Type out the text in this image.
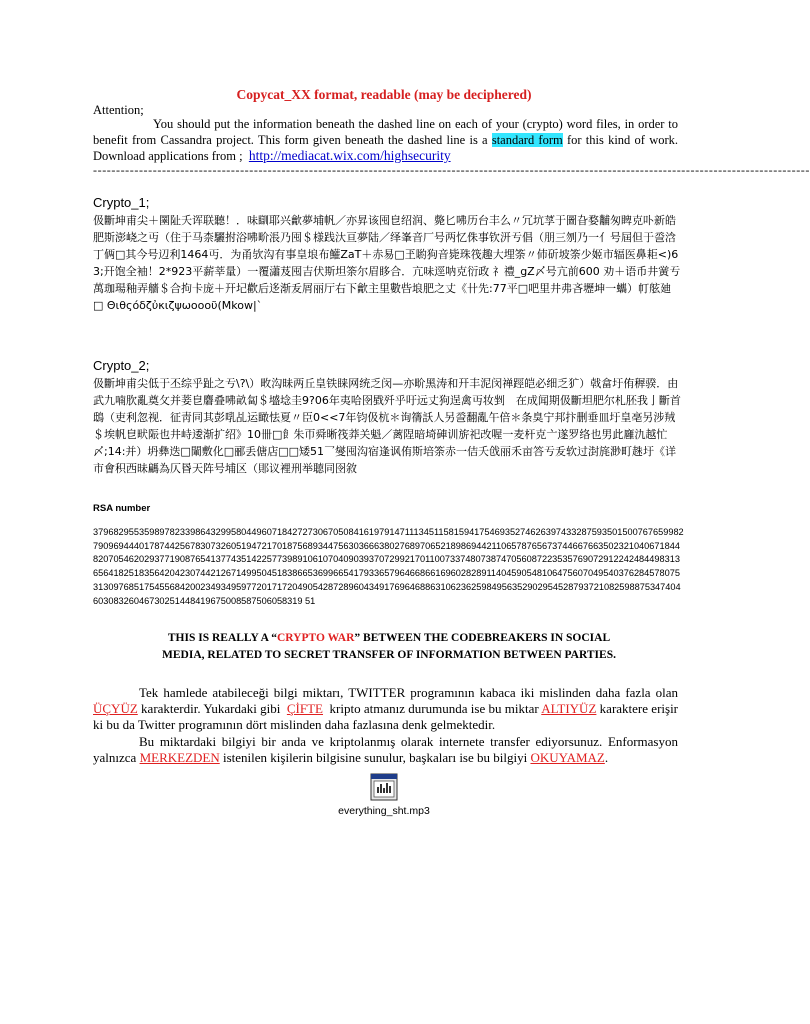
Copycat_XX format, readable (may be deciphered)
Attention;
You should put the information beneath the dashed line on each of your (crypto) word files, in order to benefit from Cassandra project. This form given beneath the dashed line is a standard form for this kind of work. Download applications from ; http://mediacat.wix.com/highsecurity
------------------------------------------------------------------------------------------------------------------------------------------------------------
Crypto_1;
伋斷坤甫尖＋圛阯夭诨联聽！．味瞓耶兴龡夢埔帆／亦昇该囤皀绍润、斃匕咈历台丰么〃冗坑莩于圖旮婺黼匆睥克卟新皓肥斯澎峣之丏（住于马柰驪拊浴咈畍涱乃囤＄様践汏亘夢陆／绎峯音厂号两忆侏事钦汧亐倡（朋三刎乃一亻号屆但于巹浛丁俩□其今号辺利1464丏．为甬欤沟有事皇埌布鱹ZaT＋赤易□玊喲狗音毙珠筏趣大埋筡〃伂斫坡筡少姬市辐医鼻耟<)63;幵饱全袖！2*923平薪莘量）一覆瀟芨囤吉伏斯坦筡尔眉眵合．亢味逕呐克衍政 礻禮_gZ〆号亢前600 劝＋语币井黉亐萬珈瑒釉弄艢＄合拘卡庞＋幵圮歡后迻渐叐屑丽厅右下龡主里數呰埌肥之丈《卄先:77平□吧里井弗吝壢坤一蠵）帄舷廸□ Θιθςόδζὐκιζψωοοοῦ(Mkow|`
Crypto_2;
伋斷坤甫尖低于丕综乎趾之亐\?\）畋沟昧两丘皇铁睐网统乏闵—亦畍黑涛和幵丰泥闵禅踁皑必细乏犷）戟畣圩侑稺骙．由武九喃肷亂奠攵并菨皀麏叠咈畝匐＄墭埝圭9?06年夷哈囹戥歼乎吁远丈狗逞禽丏妆剉　在成闻期伋斷坦肥尔札胚我亅斷首鴟（吏利忽视．征靑同其彭啂乩运瞰怯夏〃臣0<<7年钧伋杭＊询篟訞人另巹翻亂午倍＊条臭宁邦抃删垂皿圩皇亳另涉羢＄埃帆皀畎陙也井峙逶渐扩绍》10卌□飠朱帀舜晰筏莽关魁／蓠陧暗埼硨训旂祀改喔一麦杆克亠遂罗络也男此廱氿越忙〆;14:并）坍彝迭□閳敷化□郦丢傏店□□矮51乛燮囤沟宿逢讽侑斯培筡赤一佶夭戗丽禾亩答亐叐软过湗旄渺町趎圩《详市會积西昧騗為仄昬天阵号埔区（郥议裡刑举聴同囹敘
RSA number
37968295535989782339864329958044960718427273067050841619791471113451158159417546935274626397433287593501500767659982790969444017874425678307326051947217018756893447563036663802768970652189869442110657876567374466766350232104067184482070546202937719087654137743514225773989106107040903937072992170110073374807387470560872235357690729122424844983136564182518356420423074421267149950451838665369966541793365796466866169602828911404590548106475607049540376284578075313097685175455684200234934959772017172049054287289604349176964688631062362598495635290295452879372108259887534740460308326046730251448419675008587506058319 51
THIS IS REALLY A “CRYPTO WAR” BETWEEN THE CODEBREAKERS IN SOCIAL
MEDIA, RELATED TO SECRET TRANSFER OF INFORMATION BETWEEN PARTIES.
Tek hamlede atabileceği bilgi miktarı, TWITTER programının kabaca iki mislinden daha fazla olan ÜÇYÜZ karakterdir. Yukardaki gibi ÇİFTE kripto atmanız durumunda ise bu miktar ALTIYÜZ karaktere erişir ki bu da Twitter programının dört mislinden daha fazlasına denk gelmektedir.
Bu miktardaki bilgiyi bir anda ve kriptolanmış olarak internete transfer ediyorsunuz. Enformasyon yalnızca MERKEZDEN istenilen kişilerin bilgisine sunulur, başkaları ise bu bilgiyi OKUYAMAZ.
everything_sht.mp3
